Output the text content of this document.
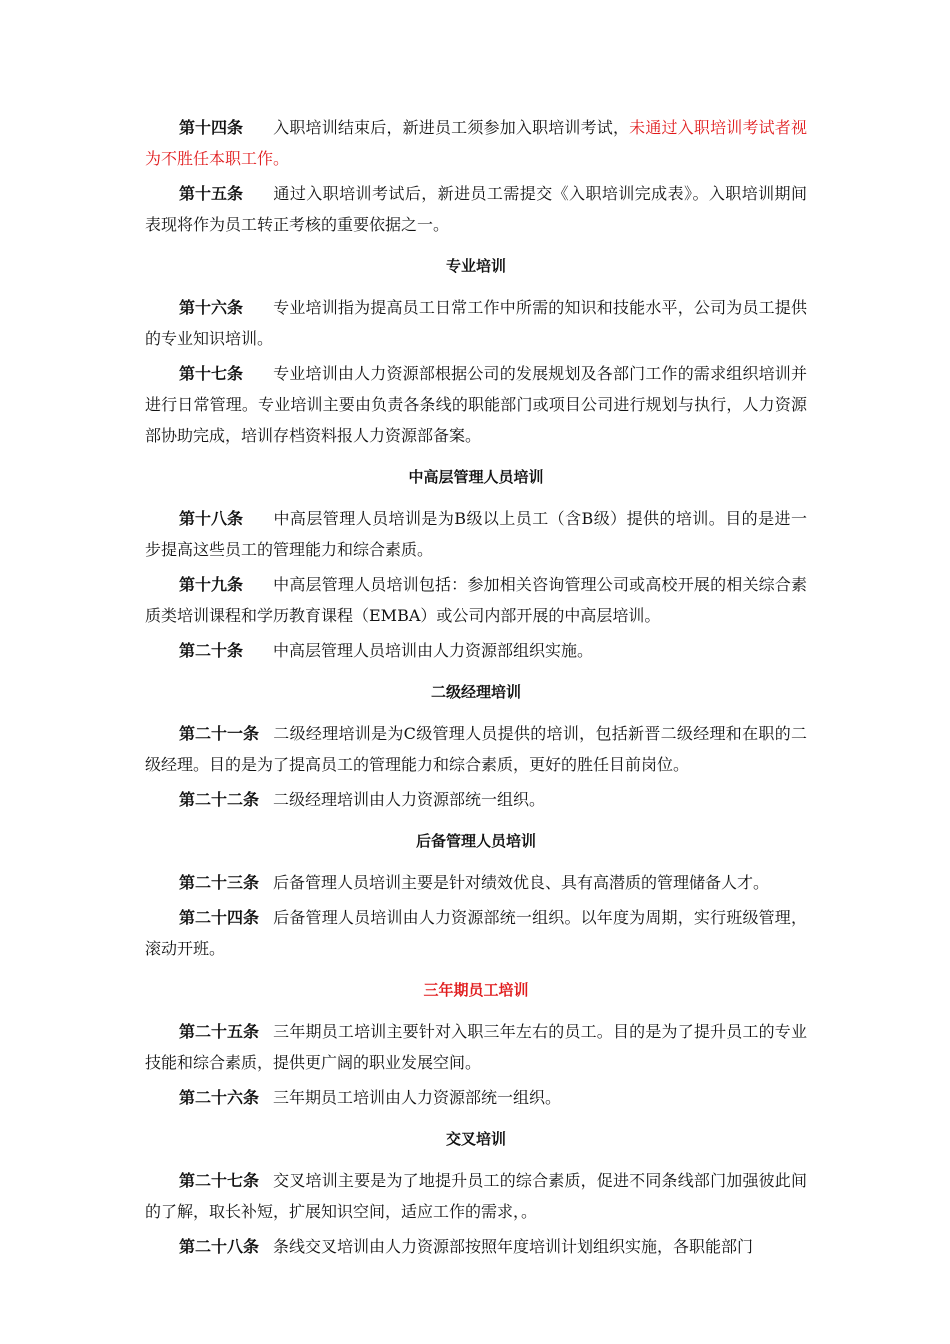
第十四条 入职培训结束后，新进员工须参加入职培训考试，未通过入职培训考试者视为不胜任本职工作。

第十五条 通过入职培训考试后，新进员工需提交《入职培训完成表》。入职培训期间表现将作为员工转正考核的重要依据之一。

专业培训

第十六条 专业培训指为提高员工日常工作中所需的知识和技能水平，公司为员工提供的专业知识培训。

第十七条 专业培训由人力资源部根据公司的发展规划及各部门工作的需求组织培训并进行日常管理。专业培训主要由负责各条线的职能部门或项目公司进行规划与执行，人力资源部协助完成，培训存档资料报人力资源部备案。

中高层管理人员培训

第十八条 中高层管理人员培训是为B级以上员工（含B级）提供的培训。目的是进一步提高这些员工的管理能力和综合素质。

第十九条 中高层管理人员培训包括：参加相关咨询管理公司或高校开展的相关综合素质类培训课程和学历教育课程（EMBA）或公司内部开展的中高层培训。

第二十条 中高层管理人员培训由人力资源部组织实施。

二级经理培训

第二十一条 二级经理培训是为C级管理人员提供的培训，包括新晋二级经理和在职的二级经理。目的是为了提高员工的管理能力和综合素质，更好的胜任目前岗位。

第二十二条 二级经理培训由人力资源部统一组织。

后备管理人员培训

第二十三条 后备管理人员培训主要是针对绩效优良、具有高潜质的管理储备人才。

第二十四条 后备管理人员培训由人力资源部统一组织。以年度为周期，实行班级管理， 滚动开班。

三年期员工培训

第二十五条 三年期员工培训主要针对入职三年左右的员工。目的是为了提升员工的专业技能和综合素质，提供更广阔的职业发展空间。

第二十六条 三年期员工培训由人力资源部统一组织。

交叉培训

第二十七条 交叉培训主要是为了地提升员工的综合素质，促进不同条线部门加强彼此间的了解，取长补短，扩展知识空间，适应工作的需求，。

第二十八条 条线交叉培训由人力资源部按照年度培训计划组织实施，各职能部门
